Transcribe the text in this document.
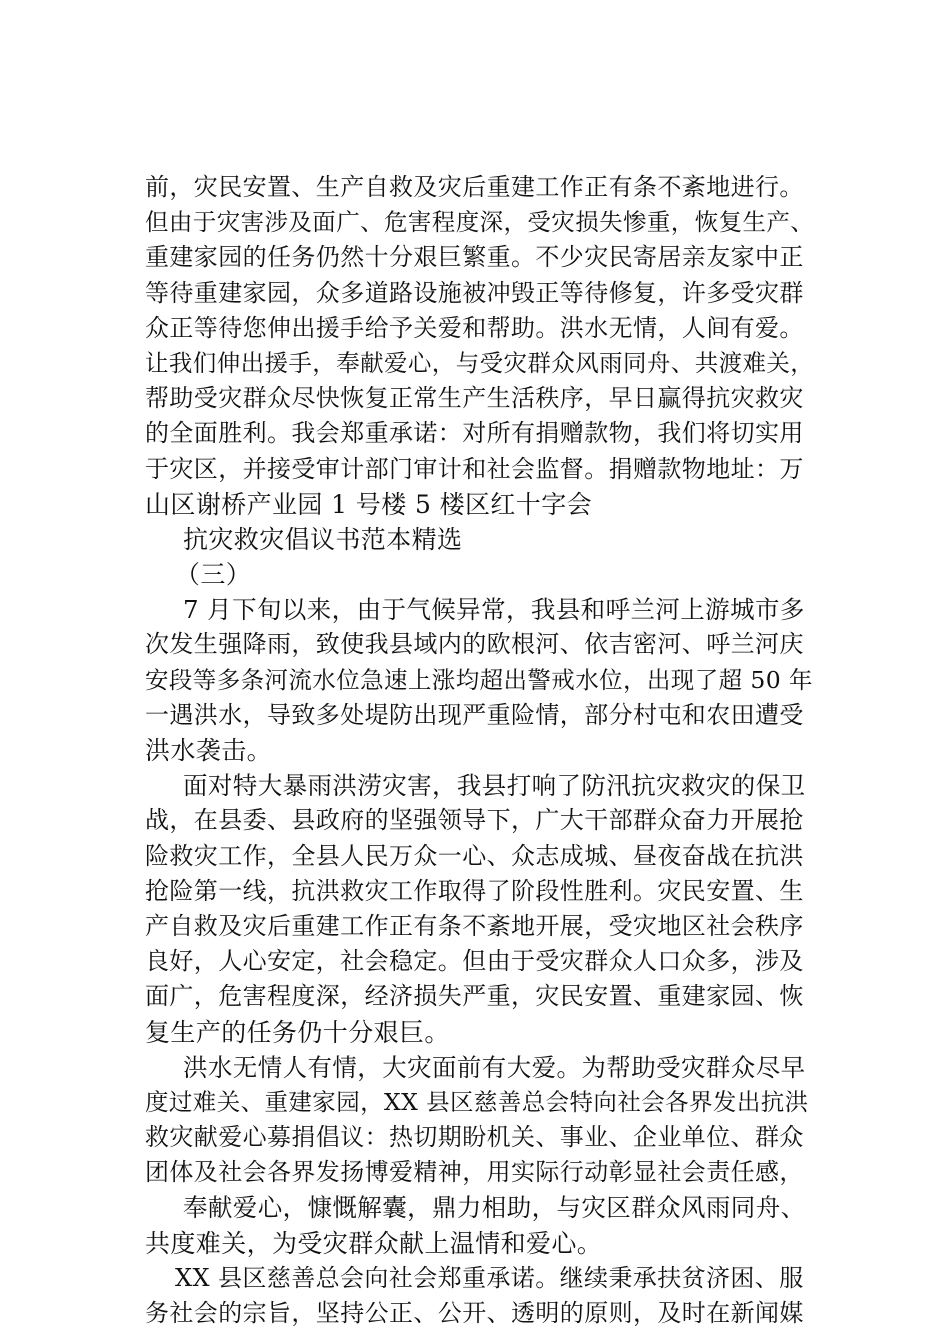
前，灾民安置、生产自救及灾后重建工作正有条不紊地进行。
但由于灾害涉及面广、危害程度深，受灾损失惨重，恢复生产、
重建家园的任务仍然十分艰巨繁重。不少灾民寄居亲友家中正
等待重建家园，众多道路设施被冲毁正等待修复，许多受灾群
众正等待您伸出援手给予关爱和帮助。洪水无情，人间有爱。
让我们伸出援手，奉献爱心，与受灾群众风雨同舟、共渡难关，
帮助受灾群众尽快恢复正常生产生活秩序，早日赢得抗灾救灾
的全面胜利。我会郑重承诺：对所有捐赠款物，我们将切实用
于灾区，并接受审计部门审计和社会监督。捐赠款物地址：万
山区谢桥产业园 1 号楼 5 楼区红十字会
抗灾救灾倡议书范本精选
（三）
7 月下旬以来，由于气候异常，我县和呼兰河上游城市多
次发生强降雨，致使我县域内的欧根河、依吉密河、呼兰河庆
安段等多条河流水位急速上涨均超出警戒水位，出现了超 50 年
一遇洪水，导致多处堤防出现严重险情，部分村屯和农田遭受
洪水袭击。
面对特大暴雨洪涝灾害，我县打响了防汛抗灾救灾的保卫
战，在县委、县政府的坚强领导下，广大干部群众奋力开展抢
险救灾工作，全县人民万众一心、众志成城、昼夜奋战在抗洪
抢险第一线，抗洪救灾工作取得了阶段性胜利。灾民安置、生
产自救及灾后重建工作正有条不紊地开展，受灾地区社会秩序
良好，人心安定，社会稳定。但由于受灾群众人口众多，涉及
面广，危害程度深，经济损失严重，灾民安置、重建家园、恢
复生产的任务仍十分艰巨。
洪水无情人有情，大灾面前有大爱。为帮助受灾群众尽早
度过难关、重建家园，XX 县区慈善总会特向社会各界发出抗洪
救灾献爱心募捐倡议：热切期盼机关、事业、企业单位、群众
团体及社会各界发扬博爱精神，用实际行动彰显社会责任感，
奉献爱心，慷慨解囊，鼎力相助，与灾区群众风雨同舟、
共度难关，为受灾群众献上温情和爱心。
XX 县区慈善总会向社会郑重承诺。继续秉承扶贫济困、服
务社会的宗旨，坚持公正、公开、透明的原则，及时在新闻媒
